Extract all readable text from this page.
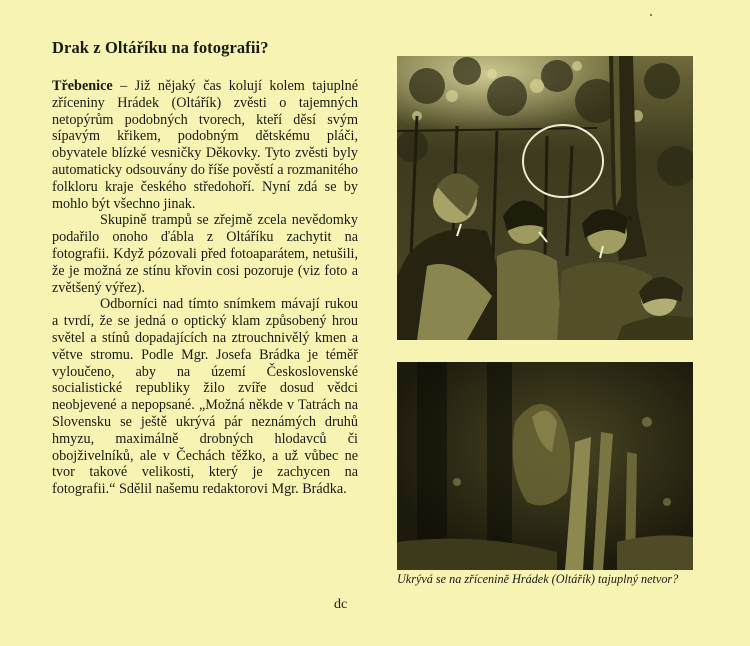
Drak z Oltáříku na fotografii?

Třebenice – Již nějaký čas kolují kolem tajuplné zříceniny Hrádek (Oltářík) zvěsti o tajemných netopýrům podobných tvorech, kteří děsí svým sípavým křikem, podobným dětskému pláči, obyvatele blízké vesničky Děkovky. Tyto zvěsti byly automaticky odsouvány do říše pověstí a rozmanitého folkloru kraje českého středohoří. Nyní zdá se by mohlo být všechno jinak.

Skupině trampů se zřejmě zcela nevědomky podařilo onoho ďábla z Oltáříku zachytit na fotografii. Když pózovali před fotoaparátem, netušili, že je možná ze stínu křovin cosi pozoruje (viz foto a zvětšený výřez).

Odborníci nad tímto snímkem mávají rukou a tvrdí, že se jedná o optický klam způsobený hrou světel a stínů dopadajících na ztrouchnivělý kmen a větve stromu. Podle Mgr. Josefa Brádka je téměř vyloučeno, aby na území Československé socialistické republiky žilo zvíře dosud vědci neobjevené a nepopsané. „Možná někde v Tatrách na Slovensku se ještě ukrývá pár neznámých druhů hmyzu, maximálně drobných hlodavců či obojživelníků, ale v Čechách těžko, a už vůbec ne tvor takové velikosti, který je zachycen na fotografii.“ Sdělil našemu redaktorovi Mgr. Brádka.

dc
Ukrývá se na zřícenině Hrádek (Oltářík) tajuplný netvor?
